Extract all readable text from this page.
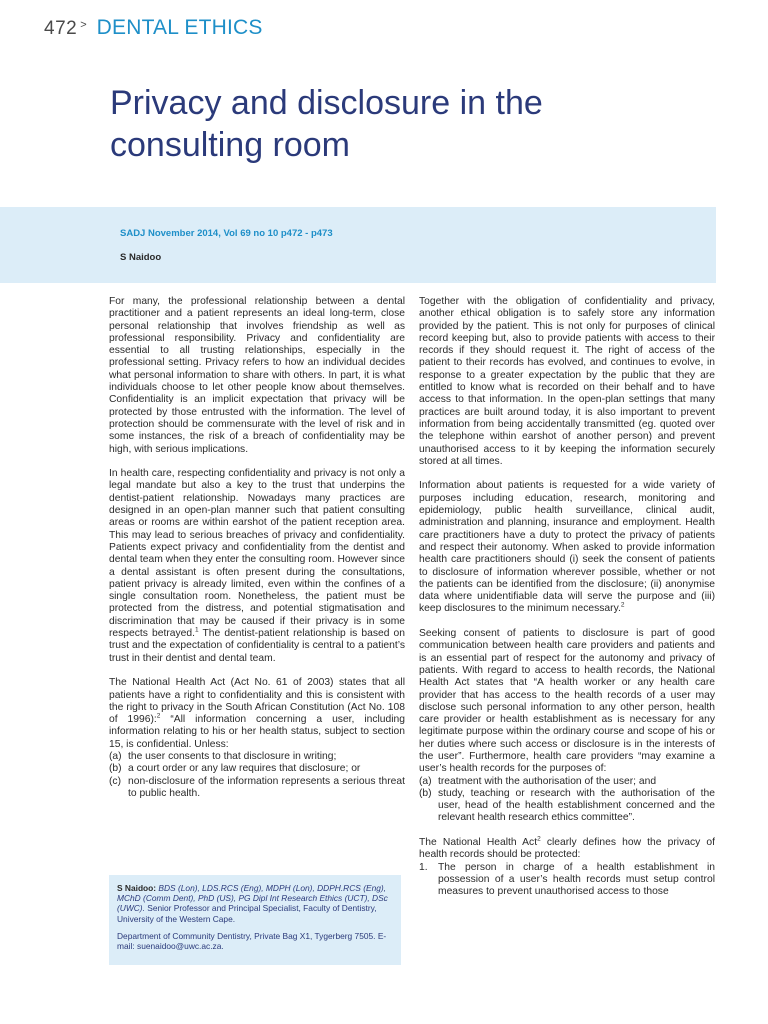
472 > DENTAL ETHICS
Privacy and disclosure in the consulting room
SADJ November 2014, Vol 69 no 10 p472 - p473
S Naidoo

For many, the professional relationship between a dental practitioner and a patient represents an ideal long-term, close personal relationship that involves friendship as well as professional responsibility. Privacy and confidentiality are essential to all trusting relationships, especially in the professional setting. Privacy refers to how an individual decides what personal information to share with others. In part, it is what individuals choose to let other people know about themselves. Confidentiality is an implicit expectation that privacy will be protected by those entrusted with the information. The level of protection should be commensurate with the level of risk and in some instances, the risk of a breach of confidentiality may be high, with serious implications.

In health care, respecting confidentiality and privacy is not only a legal mandate but also a key to the trust that underpins the dentist-patient relationship. Nowadays many practices are designed in an open-plan manner such that patient consulting areas or rooms are within earshot of the patient reception area. This may lead to serious breaches of privacy and confidentiality. Patients expect privacy and confidentiality from the dentist and dental team when they enter the consulting room. However since a dental assistant is often present during the consultations, patient privacy is already limited, even within the confines of a single consultation room. Nonetheless, the patient must be protected from the distress, and potential stigmatisation and discrimination that may be caused if their privacy is in some respects betrayed.$^1$ The dentist-patient relationship is based on trust and the expectation of confidentiality is central to a patient’s trust in their dentist and dental team.

The National Health Act (Act No. 61 of 2003) states that all patients have a right to confidentiality and this is consistent with the right to privacy in the South African Constitution (Act No. 108 of 1996):$^2$ “All information concerning a user, including information relating to his or her health status, subject to section 15, is confidential. Unless:

(a) the user consents to that disclosure in writing;
(b) a court order or any law requires that disclosure; or
(c) non-disclosure of the information represents a serious threat to public health.

S Naidoo: BDS (Lon), LDS.RCS (Eng), MDPH (Lon), DDPH.RCS (Eng), MChD (Comm Dent), PhD (US), PG Dipl Int Research Ethics (UCT), DSc (UWC). Senior Professor and Principal Specialist, Faculty of Dentistry, University of the Western Cape.

Department of Community Dentistry, Private Bag X1, Tygerberg 7505. E-mail: suenaidoo@uwc.ac.za.

Together with the obligation of confidentiality and privacy, another ethical obligation is to safely store any information provided by the patient. This is not only for purposes of clinical record keeping but, also to provide patients with access to their records if they should request it. The right of access of the patient to their records has evolved, and continues to evolve, in response to a greater expectation by the public that they are entitled to know what is recorded on their behalf and to have access to that information. In the open-plan settings that many practices are built around today, it is also important to prevent information from being accidentally transmitted (eg. quoted over the telephone within earshot of another person) and prevent unauthorised access to it by keeping the information securely stored at all times.

Information about patients is requested for a wide variety of purposes including education, research, monitoring and epidemiology, public health surveillance, clinical audit, administration and planning, insurance and employment. Health care practitioners have a duty to protect the privacy of patients and respect their autonomy. When asked to provide information health care practitioners should (i) seek the consent of patients to disclosure of information wherever possible, whether or not the patients can be identified from the disclosure; (ii) anonymise data where unidentifiable data will serve the purpose and (iii) keep disclosures to the minimum necessary.$^2$

Seeking consent of patients to disclosure is part of good communication between health care providers and patients and is an essential part of respect for the autonomy and privacy of patients. With regard to access to health records, the National Health Act states that “A health worker or any health care provider that has access to the health records of a user may disclose such personal information to any other person, health care provider or health establishment as is necessary for any legitimate purpose within the ordinary course and scope of his or her duties where such access or disclosure is in the interests of the user”. Furthermore, health care providers “may examine a user’s health records for the purposes of:

(a) treatment with the authorisation of the user; and
(b) study, teaching or research with the authorisation of the user, head of the health establishment concerned and the relevant health research ethics committee”.

The National Health Act$^2$ clearly defines how the privacy of health records should be protected:

1.	The person in charge of a health establishment in possession of a user’s health records must setup control measures to prevent unauthorised access to those
